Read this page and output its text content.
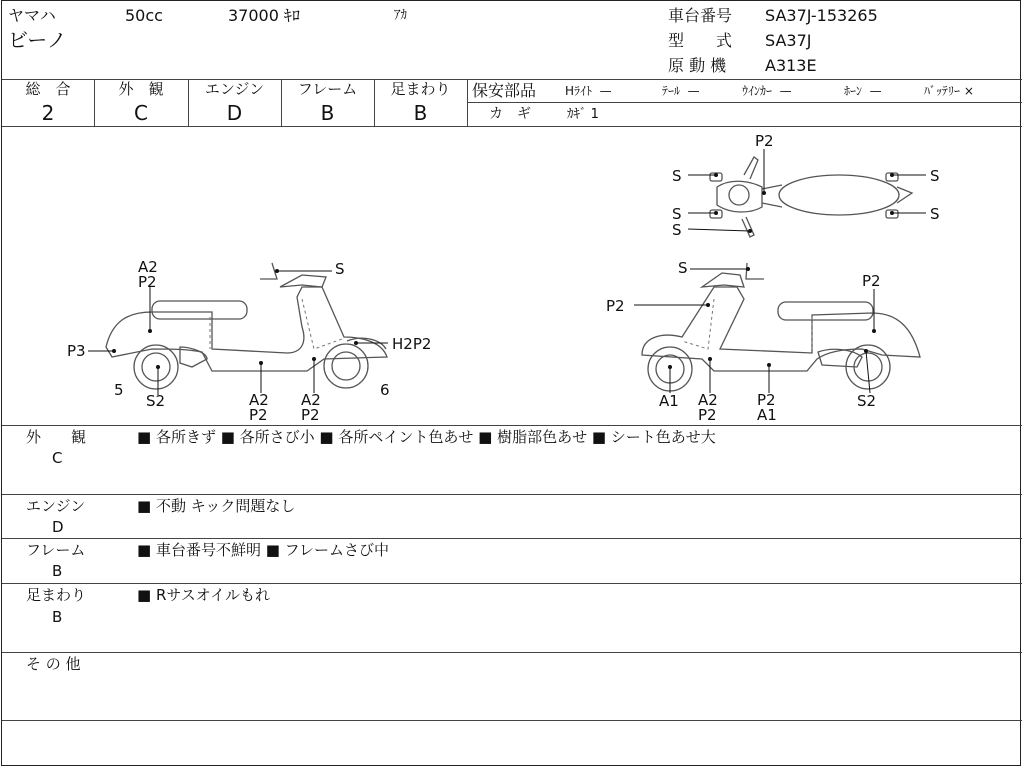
ヤマハ
ビーノ
50cc	37000 ｷﾛ	ｱｶ	車台番号 SA37J-153265
型　　式 SA37J
原 動 機 A313E
総　合
2
外　観
C
エンジン
D
フレーム
B
足まわり
B
保安部品 Hﾗｲﾄ —	ﾃｰﾙ —	ｳｲﾝｶｰ —	ﾎｰﾝ —	ﾊﾞｯﾃﾘｰ ×
カ　ギ	ｶｷﾞ 1
A2
P2
S
P3	H2P2
5
S2	A2
P2
A2
P2
6
S
P2
P2
A1 A2
P2
P2
A1
S2
P2
S
S
S
S
S
外　　観
C
■ 各所きず ■ 各所さび小 ■ 各所ペイント色あせ ■ 樹脂部色あせ ■ シート色あせ大
エンジン
D
■ 不動 キック問題なし
フレーム
B
■ 車台番号不鮮明 ■ フレームさび中
足まわり
B
■ Rサスオイルもれ
そ の 他
